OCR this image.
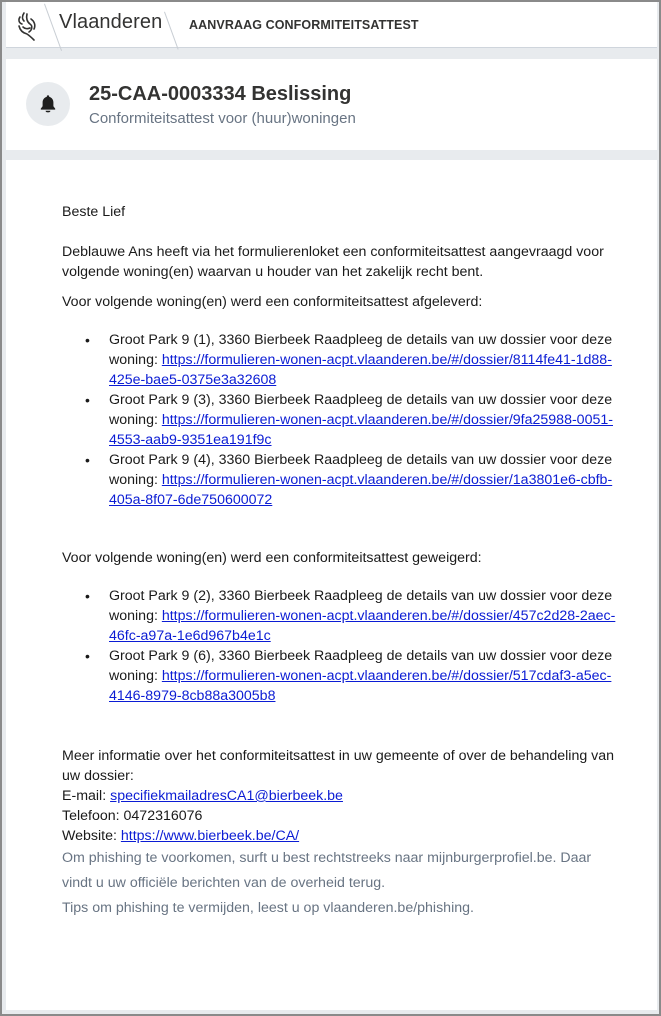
Vlaanderen AANVRAAG CONFORMITEITSATTEST
25-CAA-0003334 Beslissing
Conformiteitsattest voor (huur)woningen

Beste Lief

Deblauwe Ans heeft via het formulierenloket een conformiteitsattest aangevraagd voor volgende woning(en) waarvan u houder van het zakelijk recht bent.

Voor volgende woning(en) werd een conformiteitsattest afgeleverd:

• Groot Park 9 (1), 3360 Bierbeek Raadpleeg de details van uw dossier voor deze woning: https://formulieren-wonen-acpt.vlaanderen.be/#/dossier/8114fe41-1d88-425e-bae5-0375e3a32608
• Groot Park 9 (3), 3360 Bierbeek Raadpleeg de details van uw dossier voor deze woning: https://formulieren-wonen-acpt.vlaanderen.be/#/dossier/9fa25988-0051-4553-aab9-9351ea191f9c
• Groot Park 9 (4), 3360 Bierbeek Raadpleeg de details van uw dossier voor deze woning: https://formulieren-wonen-acpt.vlaanderen.be/#/dossier/1a3801e6-cbfb-405a-8f07-6de750600072

Voor volgende woning(en) werd een conformiteitsattest geweigerd:

• Groot Park 9 (2), 3360 Bierbeek Raadpleeg de details van uw dossier voor deze woning: https://formulieren-wonen-acpt.vlaanderen.be/#/dossier/457c2d28-2aec-46fc-a97a-1e6d967b4e1c
• Groot Park 9 (6), 3360 Bierbeek Raadpleeg de details van uw dossier voor deze woning: https://formulieren-wonen-acpt.vlaanderen.be/#/dossier/517cdaf3-a5ec-4146-8979-8cb88a3005b8

Meer informatie over het conformiteitsattest in uw gemeente of over de behandeling van uw dossier:

E-mail: specifiekmailadresCA1@bierbeek.be

Telefoon: 0472316076

Website: https://www.bierbeek.be/CA/

Om phishing te voorkomen, surft u best rechtstreeks naar mijnburgerprofiel.be. Daar vindt u uw officiële berichten van de overheid terug.

Tips om phishing te vermijden, leest u op vlaanderen.be/phishing.
